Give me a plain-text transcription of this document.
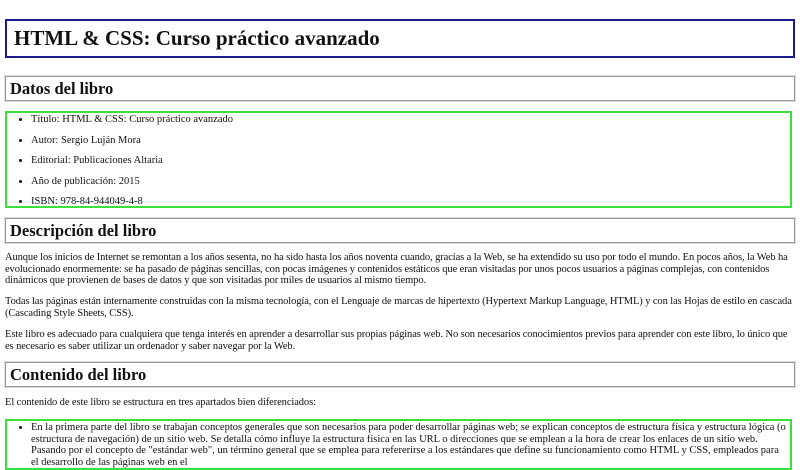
HTML & CSS: Curso práctico avanzado
Datos del libro
• Título: HTML & CSS: Curso práctico avanzado
• Autor: Sergio Luján Mora
• Editorial: Publicaciones Altaria
• Año de publicación: 2015
• ISBN: 978-84-944049-4-8
Descripción del libro

Aunque los inicios de Internet se remontan a los años sesenta, no ha sido hasta los años noventa cuando, gracias a la Web, se ha extendido su uso por todo el mundo. En pocos años, la Web ha evolucionado enormemente: se ha pasado de páginas sencillas, con pocas imágenes y contenidos estáticos que eran visitadas por unos pocos usuarios a páginas complejas, con contenidos dinámicos que provienen de bases de datos y que son visitadas por miles de usuarios al mismo tiempo.

Todas las páginas están internamente construidas con la misma tecnología, con el Lenguaje de marcas de hipertexto (Hypertext Markup Language, HTML) y con las Hojas de estilo en cascada (Cascading Style Sheets, CSS).

Este libro es adecuado para cualquiera que tenga interés en aprender a desarrollar sus propias páginas web. No son necesarios conocimientos previos para aprender con este libro, lo único que es necesario es saber utilizar un ordenador y saber navegar por la Web.

Contenido del libro

El contenido de este libro se estructura en tres apartados bien diferenciados:

• En la primera parte del libro se trabajan conceptos generales que son necesarios para poder desarrollar páginas web; se explican conceptos de estructura física y estructura lógica (o estructura de navegación) de un sitio web. Se detalla cómo influye la estructura física en las URL o direcciones que se emplean a la hora de crear los enlaces de un sitio web. Pasando por el concepto de "estándar web", un término general que se emplea para refererirse a los estándares que define su funcionamiento como HTML y CSS, empleados para el desarrollo de las páginas web en el
